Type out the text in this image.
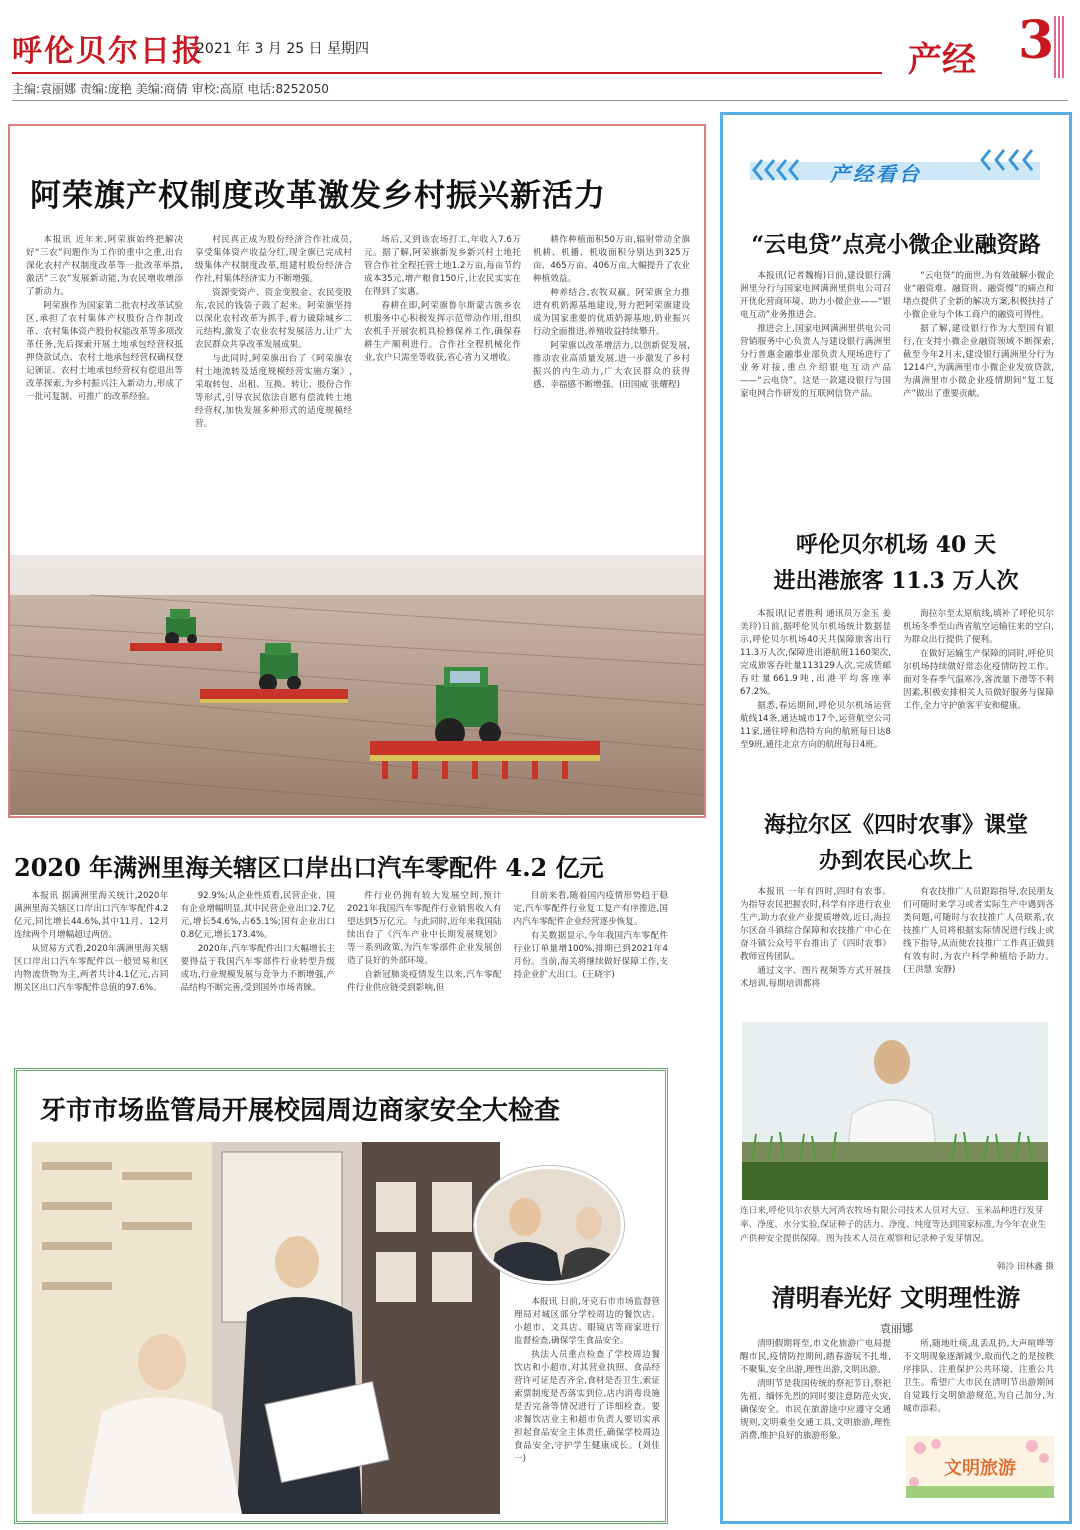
呼伦贝尔日报
2021 年 3 月 25 日 星期四	产经 3
主编:袁丽娜 责编:庞艳 美编:商倩 审校:高原 电话:8252050
阿荣旗产权制度改革激发乡村振兴新活力

本报讯 近年来,阿荣旗始终把解决好“三农”问题作为工作的重中之重,出台深化农村产权制度改革等一批改革举措,激活“三农”发展新动能,为农民增收增添了新动力。

阿荣旗作为国家第二批农村改革试验区,承担了农村集体产权股份合作制改革、农村集体资产股份权能改革等多项改革任务,先后探索开展土地承包经营权抵押贷款试点、农村土地承包经营权确权登记颁证、农村土地承包经营权有偿退出等改革探索,为乡村振兴注入新动力,形成了一批可复制、可推广的改革经验。

村民真正成为股份经济合作社成员,享受集体资产收益分红,现全旗已完成村级集体产权制度改革,组建村股份经济合作社,村集体经济实力不断增强。

资源变资产、资金变股金、农民变股东,农民的钱袋子鼓了起来。阿荣旗坚持以深化农村改革为抓手,着力破除城乡二元结构,激发了农业农村发展活力,让广大农民群众共享改革发展成果。

与此同时,阿荣旗出台了《阿荣旗农村土地流转及适度规模经营实施方案》,采取转包、出租、互换、转让、股份合作等形式,引导农民依法自愿有偿流转土地经营权,加快发展多种形式的适度规模经营。

场后,又到该农场打工,年收入7.6万元。据了解,阿荣旗新发乡新兴村土地托管合作社全程托管土地1.2万亩,每亩节约成本35元,增产粮食150斤,让农民实实在在得到了实惠。

春耕在即,阿荣旗鲁尔斯蒙古族乡农机服务中心积极发挥示范带动作用,组织农机手开展农机具检修保养工作,确保春耕生产顺利进行。合作社全程机械化作业,农户只需坐等收获,省心省力又增收。

耕作种植面积50万亩,辐射带动全旗机耕、机播、机收面积分别达到325万亩、465万亩、406万亩,大幅提升了农业种植效益。

种养结合,农牧双赢。阿荣旗全力推进有机奶源基地建设,努力把阿荣旗建设成为国家重要的优质奶源基地,奶业振兴行动全面推进,养殖收益持续攀升。

阿荣旗以改革增活力,以创新促发展,推动农业高质量发展,进一步激发了乡村振兴的内生动力,广大农民群众的获得感、幸福感不断增强。(田国威 张耀程)

2020 年满洲里海关辖区口岸出口汽车零配件 4.2 亿元

本报讯 据满洲里海关统计,2020年满洲里海关辖区口岸出口汽车零配件4.2亿元,同比增长44.6%,其中11月、12月连续两个月增幅超过两倍。

从贸易方式看,2020年满洲里海关辖区口岸出口汽车零配件以一般贸易和区内物流货物为主,两者共计4.1亿元,占同期关区出口汽车零配件总值的97.6%。

92.9%;从企业性质看,民营企业、国有企业增幅明显,其中民营企业出口2.7亿元,增长54.6%,占65.1%;国有企业出口0.8亿元,增长173.4%。

2020年,汽车零配件出口大幅增长主要得益于我国汽车零部件行业转型升级成功,行业规模发展与竞争力不断增强,产品结构不断完善,受到国外市场青睐。

件行业仍拥有较大发展空间,预计2021年我国汽车零配件行业销售收入有望达到5万亿元。与此同时,近年来我国陆续出台了《汽车产业中长期发展规划》等一系列政策,为汽车零部件企业发展创造了良好的外部环境。

自新冠肺炎疫情发生以来,汽车零配件行业供应链受到影响,但

目前来看,随着国内疫情形势趋于稳定,汽车零配件行业复工复产有序推进,国内汽车零配件企业经营逐步恢复。

有关数据显示,今年我国汽车零配件行业订单量增100%,排期已到2021年4月份。当前,海关将继续做好保障工作,支持企业扩大出口。(王晓宇)

牙市市场监管局开展校园周边商家安全大检查

本报讯 日前,牙克石市市场监督管理局对城区部分学校周边的餐饮店、小超市、文具店、眼镜店等商家进行监督检查,确保学生食品安全。

执法人员重点检查了学校周边餐饮店和小超市,对其营业执照、食品经营许可证是否齐全,食材是否卫生,索证索票制度是否落实到位,店内消毒设施是否完备等情况进行了详细检查。要求餐饮店业主和超市负责人要切实承担起食品安全主体责任,确保学校周边食品安全,守护学生健康成长。(刘佳一)

产经看台
“云电贷”点亮小微企业融资路

本报讯(记者魏梅)日前,建设银行满洲里分行与国家电网满洲里供电公司召开优化营商环境、助力小微企业——“银电互动”业务推进会。

推进会上,国家电网满洲里供电公司营销服务中心负责人与建设银行满洲里分行普惠金融事业部负责人现场进行了业务对接,重点介绍银电互动产品——“云电贷”。这是一款建设银行与国家电网合作研发的互联网信贷产品。

“云电贷”的面世,为有效破解小微企业“融资难、融资贵、融资慢”的痛点和堵点提供了全新的解决方案,积极扶持了小微企业与个体工商户的融资可得性。

据了解,建设银行作为大型国有银行,在支持小微企业融资领域不断探索,截至今年2月末,建设银行满洲里分行为1214户,为满洲里市小微企业发放贷款,为满洲里市小微企业疫情期间“复工复产”做出了重要贡献。

呼伦贝尔机场 40 天
进出港旅客 11.3 万人次

本报讯(记者胜利 通讯员万金玉 姜美玲)日前,据呼伦贝尔机场统计数据显示,呼伦贝尔机场40天共保障旅客出行11.3万人次,保障进出港航班1160架次,完成旅客吞吐量113129人次,完成货邮吞吐量661.9吨,出港平均客座率67.2%。

据悉,春运期间,呼伦贝尔机场运营航线14条,通达城市17个,运营航空公司11家,通往呼和浩特方向的航班每日达8至9班,通往北京方向的航班每日4班。

海拉尔至太原航线,填补了呼伦贝尔机场冬季至山西省航空运输往来的空白,为群众出行提供了便利。

在做好运输生产保障的同时,呼伦贝尔机场持续做好常态化疫情防控工作。面对冬春季气温寒冷,客流量下滑等不利因素,积极安排相关人员做好服务与保障工作,全力守护旅客平安和健康。

海拉尔区《四时农事》课堂
办到农民心坎上

本报讯 一年有四时,四时有农事。为指导农民把握农时,科学有序进行农业生产,助力农业产业提质增效,近日,海拉尔区奋斗镇综合保障和农技推广中心在奋斗镇公众号平台推出了《四时农事》教师宣传团队。

通过文字、图片视频等方式开展技术培训,每期培训都将

有农技推广人员跟踪指导,农民朋友们可随时来学习或者实际生产中遇到各类问题,可随时与农技推广人员联系,农技推广人员将根据实际情况进行线上或线下指导,从而使农技推广工作真正做到有效有时,为农户科学种植给予助力。(王洪慧 安静)

连日来,呼伦贝尔农垦大河湾农牧场有限公司技术人员对大豆、玉米品种进行发芽率、净度、水分实验,保证种子的活力、净度、纯度等达到国家标准,为今年农业生产供种安全提供保障。图为技术人员在观察和记录种子发芽情况。
韩冷 田林鑫 摄
清明春光好 文明理性游
袁丽娜

清明假期将至,市文化旅游广电局提醒市民,疫情防控期间,踏春游玩不扎堆,不聚集,安全出游,理性出游,文明出游。

清明节是我国传统的祭祀节日,祭祀先祖、缅怀先烈的同时要注意防范火灾,确保安全。市民在旅游途中应遵守交通规则,文明乘坐交通工具,文明旅游,理性消费,维护良好的旅游形象。

所,随地吐痰,乱丢乱扔,大声喧哗等不文明现象逐渐减少,取而代之的是按秩序排队、注重保护公共环境、注重公共卫生。希望广大市民在清明节出游期间自觉践行文明旅游规范,为自己加分,为城市添彩。

文明旅游
